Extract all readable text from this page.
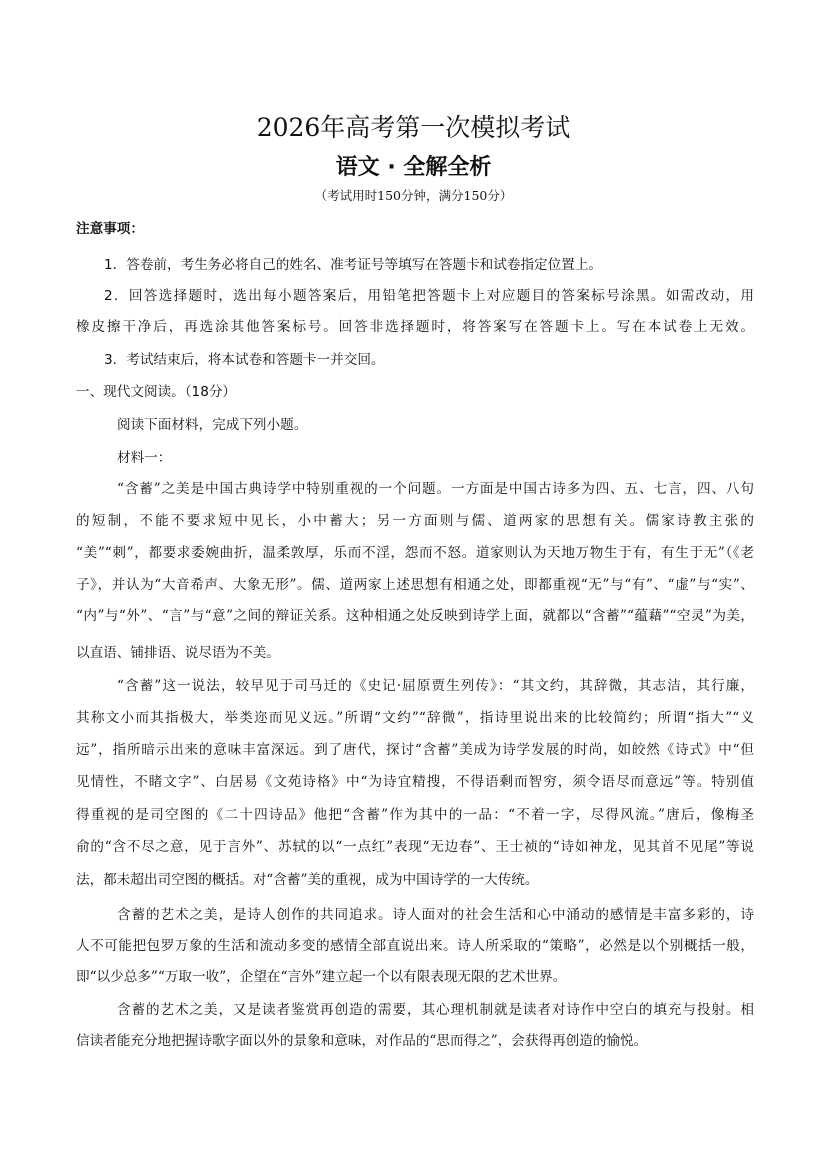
2026年高考第一次模拟考试
语文 · 全解全析
（考试用时150分钟，满分150分）
注意事项：
1．答卷前，考生务必将自己的姓名、准考证号等填写在答题卡和试卷指定位置上。
2．回答选择题时，选出每小题答案后，用铅笔把答题卡上对应题目的答案标号涂黑。如需改动，用
橡皮擦干净后，再选涂其他答案标号。回答非选择题时，将答案写在答题卡上。写在本试卷上无效。
3．考试结束后，将本试卷和答题卡一并交回。
一、现代文阅读。（18分）
阅读下面材料，完成下列小题。
材料一：
“含蓄”之美是中国古典诗学中特别重视的一个问题。一方面是中国古诗多为四、五、七言，四、八句
的短制，不能不要求短中见长，小中蓄大；另一方面则与儒、道两家的思想有关。儒家诗教主张的
“美”“刺”，都要求委婉曲折，温柔敦厚，乐而不淫，怨而不怒。道家则认为天地万物生于有，有生于无”（《老
子》，并认为“大音希声、大象无形”。儒、道两家上述思想有相通之处，即都重视“无”与“有”、“虚”与“实”、
“内”与“外”、“言”与“意”之间的辩证关系。这种相通之处反映到诗学上面，就都以“含蓄”“蕴藉”“空灵”为美，
以直语、铺排语、说尽语为不美。
“含蓄”这一说法，较早见于司马迁的《史记·屈原贾生列传》：“其文约，其辞微，其志洁，其行廉，
其称文小而其指极大，举类迩而见义远。”所谓“文约”“辞微”，指诗里说出来的比较简约；所谓“指大”“义
远”，指所暗示出来的意味丰富深远。到了唐代，探讨“含蓄”美成为诗学发展的时尚，如皎然《诗式》中“但
见情性，不睹文字”、白居易《文苑诗格》中“为诗宜精搜，不得语剩而智穷，须令语尽而意远”等。特别值
得重视的是司空图的《二十四诗品》他把“含蓄”作为其中的一品：“不着一字，尽得风流。”唐后，像梅圣
俞的“含不尽之意，见于言外”、苏轼的以“一点红”表现“无边春”、王士祯的“诗如神龙，见其首不见尾”等说
法，都未超出司空图的概括。对“含蓄”美的重视，成为中国诗学的一大传统。
含蓄的艺术之美，是诗人创作的共同追求。诗人面对的社会生活和心中涌动的感情是丰富多彩的，诗
人不可能把包罗万象的生活和流动多变的感情全部直说出来。诗人所采取的“策略”，必然是以个别概括一般，
即“以少总多”“万取一收”，企望在“言外”建立起一个以有限表现无限的艺术世界。
含蓄的艺术之美，又是读者鉴赏再创造的需要，其心理机制就是读者对诗作中空白的填充与投射。相
信读者能充分地把握诗歌字面以外的景象和意味，对作品的“思而得之”，会获得再创造的愉悦。
